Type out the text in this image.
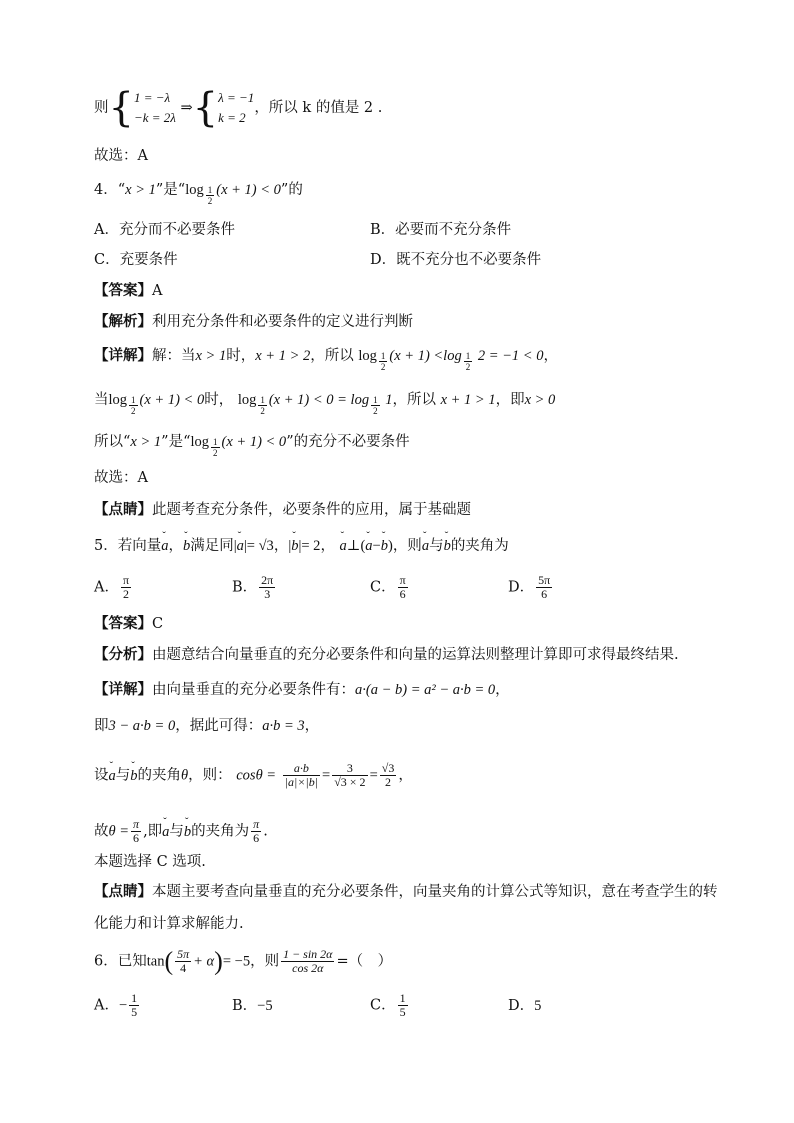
则{ 1 = −λ
−k = 2λ
⇒{ λ = −1
k = 2
，所以 k 的值是 2 .
故选：A
4．“x > 1”是“$\log \frac{1}{2} (x + 1) < 0$”的
A．充分而不必要条件	B．必要而不充分条件
C．充要条件	D．既不充分也不必要条件
【答案】A
【解析】利用充分条件和必要条件的定义进行判断
【详解】解：当x > 1时，x + 1 > 2，所以 $\log \frac{1}{2} (x + 1) <\log \frac{1}{2} 2 = -1 < 0$，
当$\log \frac{1}{2} (x + 1) < 0$时， $\log \frac{1}{2} (x + 1) < 0 = \log \frac{1}{2} 1$，所以 x + 1 > 1，即x > 0
所以“x > 1”是“$\log \frac{1}{2} (x + 1) < 0$”的充分不必要条件
故选：A
【点睛】此题考查充分条件，必要条件的应用，属于基础题
5．若向量ˇ a，ˇ b满足同|ˇ a|= √3，|ˇ b|= 2， ˇ a⊥(ˇ a−ˇ b)，则ˇ a与ˇ b的夹角为
A． $\frac{\pi}{2}$	B． $\frac{2\pi}{3}$	C． $\frac{\pi}{6}$	D． $\frac{5\pi}{6}$
【答案】C
【分析】由题意结合向量垂直的充分必要条件和向量的运算法则整理计算即可求得最终结果.
【详解】由向量垂直的充分必要条件有：a·(a − b) = a² − a·b = 0，
即3 − a·b = 0，据此可得：a·b = 3，
设ˇ a与ˇ b的夹角θ，则： $\cos\theta = \frac{a\cdot b}{|a|\times|b|} = \frac{3}{√3 \times 2} = \frac{√3}{2}$ ，
故$\theta = \frac{\pi}{6}$ ,即ˇ a与ˇ b的夹角为 $\frac{\pi}{6}$ .
本题选择 C 选项.
【点睛】本题主要考查向量垂直的充分必要条件，向量夹角的计算公式等知识，意在考查学生的转
化能力和计算求解能力.
6．已知$\tan( \frac{5\pi}{4} + \alpha)= -5$，则 $\frac{1 - \sin 2\alpha}{\cos 2\alpha}$ =（　）
A．− $\frac{1}{5}$	B．−5	C． $\frac{1}{5}$	D．5
